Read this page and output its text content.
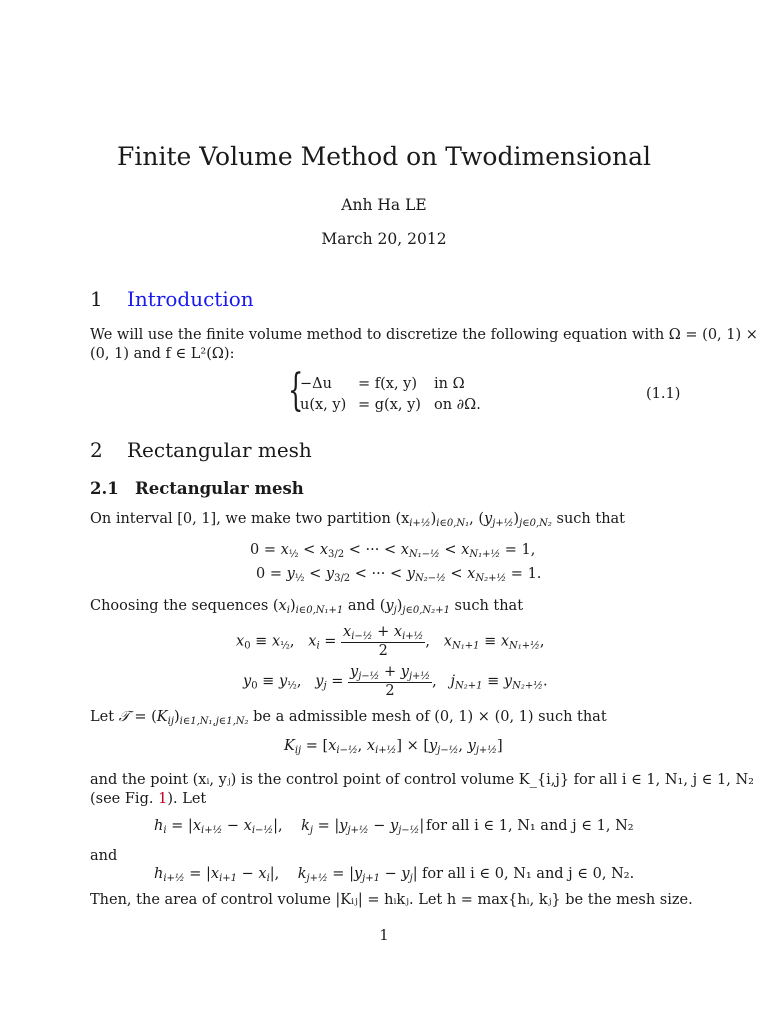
Finite Volume Method on Twodimensional
Anh Ha LE
March 20, 2012
1 Introduction
We will use the finite volume method to discretize the following equation with Ω = (0, 1) ×
(0, 1) and f ∈ L²(Ω):
{
−Δu = f(x, y) in Ω
u(x, y) = g(x, y) on ∂Ω.
(1.1)
2 Rectangular mesh
2.1 Rectangular mesh
On interval [0, 1], we make two partition $(x_{i+\frac{1}{2}})_{i\in 0,N_1}$, $(y_{j+\frac{1}{2}})_{j\in 0,N_2}$ such that
$0 = x_{\frac{1}{2}} < x_{3/2}$ < ··· < $x_{N_1-\frac{1}{2}} < x_{N_1+\frac{1}{2}} = 1$,
$0 = y_{\frac{1}{2}} < y_{3/2}$ < ··· < $y_{N_2-\frac{1}{2}} < x_{N_2+\frac{1}{2}} = 1$.
Choosing the sequences $(x_i)_{i\in 0,N_1+1}$ and $(y_j)_{j\in 0,N_2+1}$ such that
$x_0 \equiv x_{\frac{1}{2}}$,   $x_i = \frac{x_{i-\frac{1}{2}} + x_{i+\frac{1}{2}}}{2}$ ,   $x_{N_1+1} \equiv x_{N_1+\frac{1}{2}}$,
$y_0 \equiv y_{\frac{1}{2}}$,   $y_j = \frac{y_{j-\frac{1}{2}} + y_{j+\frac{1}{2}}}{2}$ ,   $j_{N_2+1} \equiv y_{N_2+\frac{1}{2}}$.
Let 𝒯 = $(K_{ij})_{i\in 1,N_1,j\in 1,N_2}$ be a admissible mesh of (0, 1) × (0, 1) such that
$K_{ij} = [x_{i-\frac{1}{2}}$, $x_{i+\frac{1}{2}}] \times [y_{j-\frac{1}{2}}$, $y_{j+\frac{1}{2}}$]
and the point (xᵢ, yⱼ) is the control point of control volume K_{i,j} for all i ∈ 1, N₁, j ∈ 1, N₂
(see Fig. 1). Let
$h_i = |x_{i+\frac{1}{2}} - x_{i-\frac{1}{2}}|$,    $k_j = |y_{j+\frac{1}{2}} - y_{j-\frac{1}{2}}|$ for all i ∈ 1, N₁ and j ∈ 1, N₂
and
$h_{i+\frac{1}{2}} = |x_{i+1} - x_i|$,    $k_{j+\frac{1}{2}} = |y_{j+1} - y_j|$ for all i ∈ 0, N₁ and j ∈ 0, N₂.
Then, the area of control volume |Kᵢⱼ| = hᵢkⱼ. Let h = max{hᵢ, kⱼ} be the mesh size.
1
